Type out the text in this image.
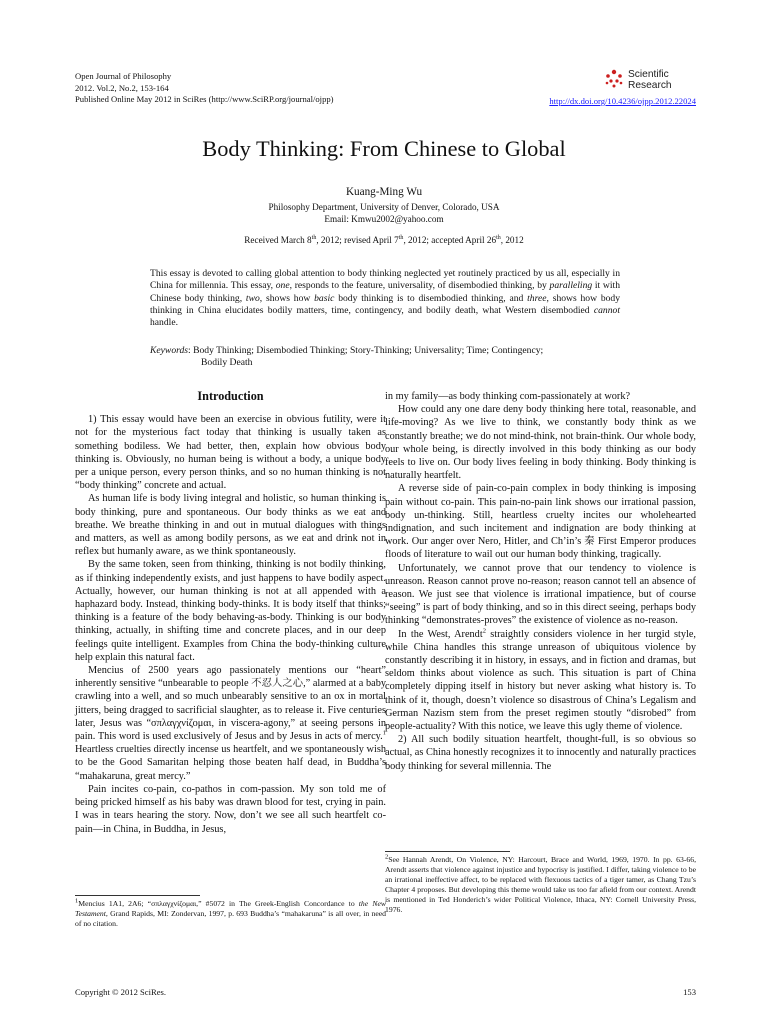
Open Journal of Philosophy
2012. Vol.2, No.2, 153-164
Published Online May 2012 in SciRes (http://www.SciRP.org/journal/ojpp)
Scientific
Research
http://dx.doi.org/10.4236/ojpp.2012.22024
Body Thinking: From Chinese to Global
Kuang-Ming Wu
Philosophy Department, University of Denver, Colorado, USA
Email: Kmwu2002@yahoo.com
Received March 8th, 2012; revised April 7th, 2012; accepted April 26th, 2012

This essay is devoted to calling global attention to body thinking neglected yet routinely practiced by us all, especially in China for millennia. This essay, one, responds to the feature, universality, of disembodied thinking, by paralleling it with Chinese body thinking, two, shows how basic body thinking is to disembodied thinking, and three, shows how body thinking in China elucidates bodily matters, time, contingency, and bodily death, what Western disembodied cannot handle.

Keywords: Body Thinking; Disembodied Thinking; Story-Thinking; Universality; Time; Contingency;
Bodily Death

Introduction

1) This essay would have been an exercise in obvious futility, were it not for the mysterious fact today that thinking is usually taken as something bodiless. We had better, then, explain how obvious body thinking is. Obviously, no human being is without a body, a unique body per a unique person, every person thinks, and so no human thinking is not “body thinking” concrete and actual.

As human life is body living integral and holistic, so human thinking is body thinking, pure and spontaneous. Our body thinks as we eat and breathe. We breathe thinking in and out in mutual dialogues with things and matters, as well as among bodily persons, as we eat and drink not in reflex but humanly aware, as we think spontaneously.

By the same token, seen from thinking, thinking is not bodily thinking, as if thinking independently exists, and just happens to have bodily aspect. Actually, however, our human thinking is not at all appended with a haphazard body. Instead, thinking body-thinks. It is body itself that thinks; thinking is a feature of the body behaving-as-body. Thinking is our body thinking, actually, in shifting time and concrete places, and in our deep feelings quite intelligent. Examples from China the body-thinking culture help explain this natural fact.

Mencius of 2500 years ago passionately mentions our “heart” inherently sensitive “unbearable to people 不忍人之心,” alarmed at a baby crawling into a well, and so much unbearably sensitive to an ox in mortal jitters, being dragged to sacrificial slaughter, as to release it. Five centuries later, Jesus was “σπλαγχνίζομαι, in viscera-agony,” at seeing persons in pain. This word is used exclusively of Jesus and by Jesus in acts of mercy.$^1$ Heartless cruelties directly incense us heartfelt, and we spontaneously wish to be the Good Samaritan helping those beaten half dead, in Buddha’s “mahakaruna, great mercy.”

Pain incites co-pain, co-pathos in com-passion. My son told me of being pricked himself as his baby was drawn blood for test, crying in pain. I was in tears hearing the story. Now, don’t we see all such heartfelt co-pain—in China, in Buddha, in Jesus,

$^1$Mencius 1A1, 2A6; “σπλαγχνίζομαι,” #5072 in The Greek-English Concordance to the New Testament, Grand Rapids, MI: Zondervan, 1997, p. 693 Buddha’s “mahakaruna” is all over, in need of no citation.

in my family—as body thinking com-passionately at work?

How could any one dare deny body thinking here total, reasonable, and life-moving? As we live to think, we constantly body think as we constantly breathe; we do not mind-think, not brain-think. Our whole body, our whole being, is directly involved in this body thinking as our body feels to live on. Our body lives feeling in body thinking. Body thinking is naturally heartfelt.

A reverse side of pain-co-pain complex in body thinking is imposing pain without co-pain. This pain-no-pain link shows our irrational passion, body un-thinking. Still, heartless cruelty incites our wholehearted indignation, and such incitement and indignation are body thinking at work. Our anger over Nero, Hitler, and Ch’in’s 秦 First Emperor produces floods of literature to wail out our human body thinking, tragically.

Unfortunately, we cannot prove that our tendency to violence is unreason. Reason cannot prove no-reason; reason cannot tell an absence of reason. We just see that violence is irrational impatience, but of course “seeing” is part of body thinking, and so in this direct seeing, perhaps body thinking “demonstrates-proves” the existence of violence as no-reason.

In the West, Arendt$^2$ straightly considers violence in her turgid style, while China handles this strange unreason of ubiquitous violence by constantly describing it in history, in essays, and in fiction and dramas, but seldom thinks about violence as such. This situation is part of China completely dipping itself in history but never asking what history is. To think of it, though, doesn’t violence so disastrous of China’s Legalism and German Nazism stem from the preset regimen stoutly “disrobed” from people-actuality? With this notice, we leave this ugly theme of violence.

2) All such bodily situation heartfelt, thought-full, is so obvious so actual, as China honestly recognizes it to innocently and naturally practices body thinking for several millennia. The

$^2$See Hannah Arendt, On Violence, NY: Harcourt, Brace and World, 1969, 1970. In pp. 63-66, Arendt asserts that violence against injustice and hypocrisy is justified. I differ, taking violence to be an irrational ineffective affect, to be replaced with flexuous tactics of a tiger tamer, as Chang Tzu’s Chapter 4 proposes. But developing this theme would take us too far afield from our context. Arendt is mentioned in Ted Honderich’s wider Political Violence, Ithaca, NY: Cornell University Press, 1976.

Copyright © 2012 SciRes.	153
